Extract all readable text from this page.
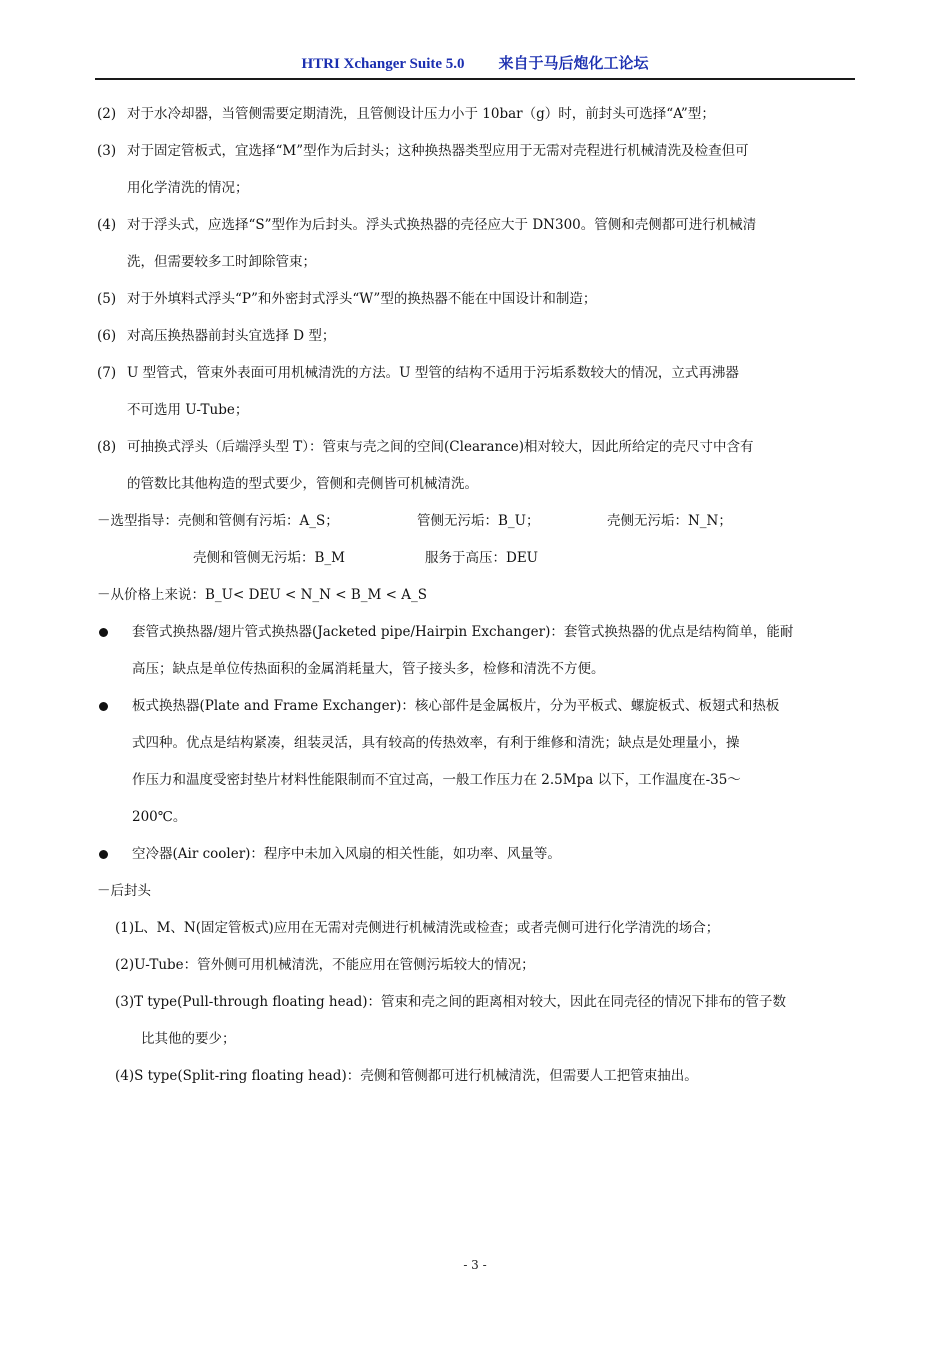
HTRI Xchanger Suite 5.0 来自于马后炮化工论坛
(2) 对于水冷却器，当管侧需要定期清洗，且管侧设计压力小于 10bar（g）时，前封头可选择“A”型；
(3) 对于固定管板式，宜选择“M”型作为后封头；这种换热器类型应用于无需对壳程进行机械清洗及检查但可
用化学清洗的情况；
(4) 对于浮头式，应选择“S”型作为后封头。浮头式换热器的壳径应大于 DN300。管侧和壳侧都可进行机械清
洗，但需要较多工时卸除管束；
(5) 对于外填料式浮头“P”和外密封式浮头“W”型的换热器不能在中国设计和制造；
(6) 对高压换热器前封头宜选择 D 型；
(7) U 型管式，管束外表面可用机械清洗的方法。U 型管的结构不适用于污垢系数较大的情况，立式再沸器
不可选用 U-Tube；
(8) 可抽换式浮头（后端浮头型 T）：管束与壳之间的空间(Clearance)相对较大，因此所给定的壳尺寸中含有
的管数比其他构造的型式要少，管侧和壳侧皆可机械清洗。
－选型指导：壳侧和管侧有污垢：A_S；	管侧无污垢：B_U；	壳侧无污垢：N_N；
壳侧和管侧无污垢：B_M	服务于高压：DEU
－从价格上来说：B_U< DEU < N_N < B_M < A_S
套管式换热器/翅片管式换热器(Jacketed pipe/Hairpin Exchanger)：套管式换热器的优点是结构简单，能耐
高压；缺点是单位传热面积的金属消耗量大，管子接头多，检修和清洗不方便。
板式换热器(Plate and Frame Exchanger)：核心部件是金属板片，分为平板式、螺旋板式、板翅式和热板
式四种。优点是结构紧凑，组装灵活，具有较高的传热效率，有利于维修和清洗；缺点是处理量小，操
作压力和温度受密封垫片材料性能限制而不宜过高，一般工作压力在 2.5Mpa 以下，工作温度在-35～
200℃。
空冷器(Air cooler)：程序中未加入风扇的相关性能，如功率、风量等。
－后封头
(1)L、M、N(固定管板式)应用在无需对壳侧进行机械清洗或检查；或者壳侧可进行化学清洗的场合；
(2)U-Tube：管外侧可用机械清洗，不能应用在管侧污垢较大的情况；
(3)T type(Pull-through floating head)：管束和壳之间的距离相对较大，因此在同壳径的情况下排布的管子数
比其他的要少；
(4)S type(Split-ring floating head)：壳侧和管侧都可进行机械清洗，但需要人工把管束抽出。
- 3 -
